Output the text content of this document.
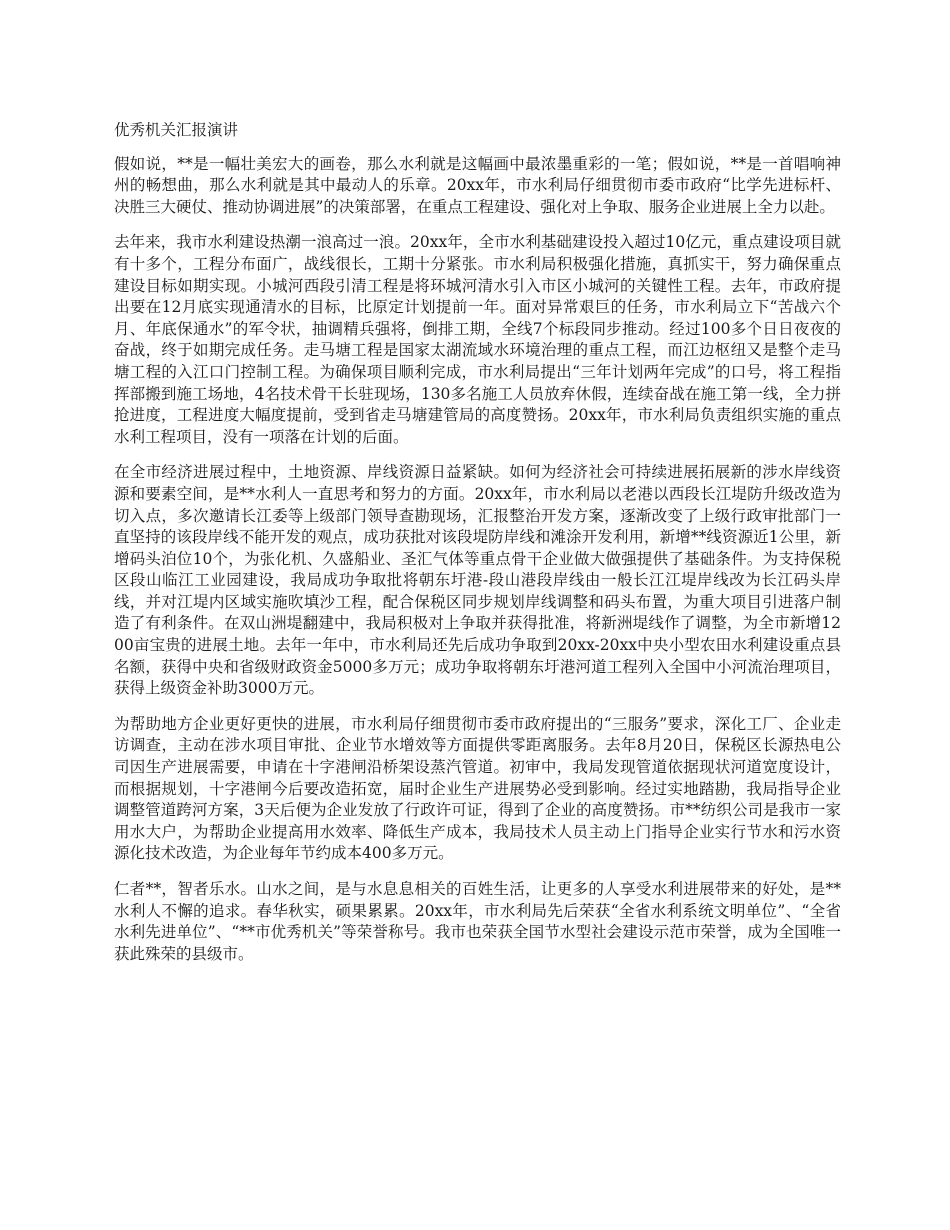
优秀机关汇报演讲

假如说，**是一幅壮美宏大的画卷，那么水利就是这幅画中最浓墨重彩的一笔；假如说，**是一首唱响神州的畅想曲，那么水利就是其中最动人的乐章。20xx年，市水利局仔细贯彻市委市政府“比学先进标杆、决胜三大硬仗、推动协调进展”的决策部署，在重点工程建设、强化对上争取、服务企业进展上全力以赴。

去年来，我市水利建设热潮一浪高过一浪。20xx年，全市水利基础建设投入超过10亿元，重点建设项目就有十多个，工程分布面广，战线很长，工期十分紧张。市水利局积极强化措施，真抓实干，努力确保重点建设目标如期实现。小城河西段引清工程是将环城河清水引入市区小城河的关键性工程。去年，市政府提出要在12月底实现通清水的目标，比原定计划提前一年。面对异常艰巨的任务，市水利局立下“苦战六个月、年底保通水”的军令状，抽调精兵强将，倒排工期，全线7个标段同步推动。经过100多个日日夜夜的奋战，终于如期完成任务。走马塘工程是国家太湖流域水环境治理的重点工程，而江边枢纽又是整个走马塘工程的入江口门控制工程。为确保项目顺利完成，市水利局提出“三年计划两年完成”的口号，将工程指挥部搬到施工场地，4名技术骨干长驻现场，130多名施工人员放弃休假，连续奋战在施工第一线，全力拼抢进度，工程进度大幅度提前，受到省走马塘建管局的高度赞扬。20xx年，市水利局负责组织实施的重点水利工程项目，没有一项落在计划的后面。

在全市经济进展过程中，土地资源、岸线资源日益紧缺。如何为经济社会可持续进展拓展新的涉水岸线资源和要素空间，是**水利人一直思考和努力的方面。20xx年，市水利局以老港以西段长江堤防升级改造为切入点，多次邀请长江委等上级部门领导查勘现场，汇报整治开发方案，逐渐改变了上级行政审批部门一直坚持的该段岸线不能开发的观点，成功获批对该段堤防岸线和滩涂开发利用，新增**线资源近1公里，新增码头泊位10个，为张化机、久盛船业、圣汇气体等重点骨干企业做大做强提供了基础条件。为支持保税区段山临江工业园建设，我局成功争取批将朝东圩港-段山港段岸线由一般长江江堤岸线改为长江码头岸线，并对江堤内区域实施吹填沙工程，配合保税区同步规划岸线调整和码头布置，为重大项目引进落户制造了有利条件。在双山洲堤翻建中，我局积极对上争取并获得批准，将新洲堤线作了调整，为全市新增1200亩宝贵的进展土地。去年一年中，市水利局还先后成功争取到20xx-20xx中央小型农田水利建设重点县名额，获得中央和省级财政资金5000多万元；成功争取将朝东圩港河道工程列入全国中小河流治理项目，获得上级资金补助3000万元。

为帮助地方企业更好更快的进展，市水利局仔细贯彻市委市政府提出的“三服务”要求，深化工厂、企业走访调查，主动在涉水项目审批、企业节水增效等方面提供零距离服务。去年8月20日，保税区长源热电公司因生产进展需要，申请在十字港闸沿桥架设蒸汽管道。初审中，我局发现管道依据现状河道宽度设计，而根据规划，十字港闸今后要改造拓宽，届时企业生产进展势必受到影响。经过实地踏勘，我局指导企业调整管道跨河方案，3天后便为企业发放了行政许可证，得到了企业的高度赞扬。市**纺织公司是我市一家用水大户，为帮助企业提高用水效率、降低生产成本，我局技术人员主动上门指导企业实行节水和污水资源化技术改造，为企业每年节约成本400多万元。

仁者**，智者乐水。山水之间，是与水息息相关的百姓生活，让更多的人享受水利进展带来的好处，是**水利人不懈的追求。春华秋实，硕果累累。20xx年，市水利局先后荣获“全省水利系统文明单位”、“全省水利先进单位”、“**市优秀机关”等荣誉称号。我市也荣获全国节水型社会建设示范市荣誉，成为全国唯一获此殊荣的县级市。
